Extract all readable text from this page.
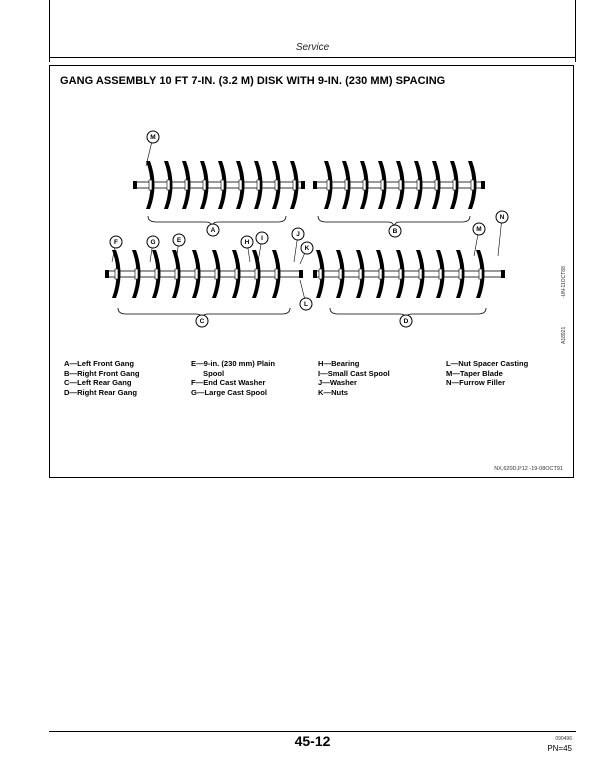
Service
GANG ASSEMBLY 10 FT 7-IN. (3.2 M) DISK WITH 9-IN. (230 MM) SPACING
M
A	B
N
M
F	G	E	H
I
J
K
L
C	D
A—Left Front Gang
B—Right Front Gang
C—Left Rear Gang
D—Right Rear Gang
E—9-in. (230 mm) Plain
Spool
F—End Cast Washer
G—Large Cast Spool
H—Bearing
I—Small Cast Spool
J—Washer
K—Nuts
L—Nut Spacer Casting
M—Taper Blade
N—Furrow Filler
-UN-11OCT88
A18921
NX,620D,P12 -19-08OCT91
45-12	090496
PN=45
